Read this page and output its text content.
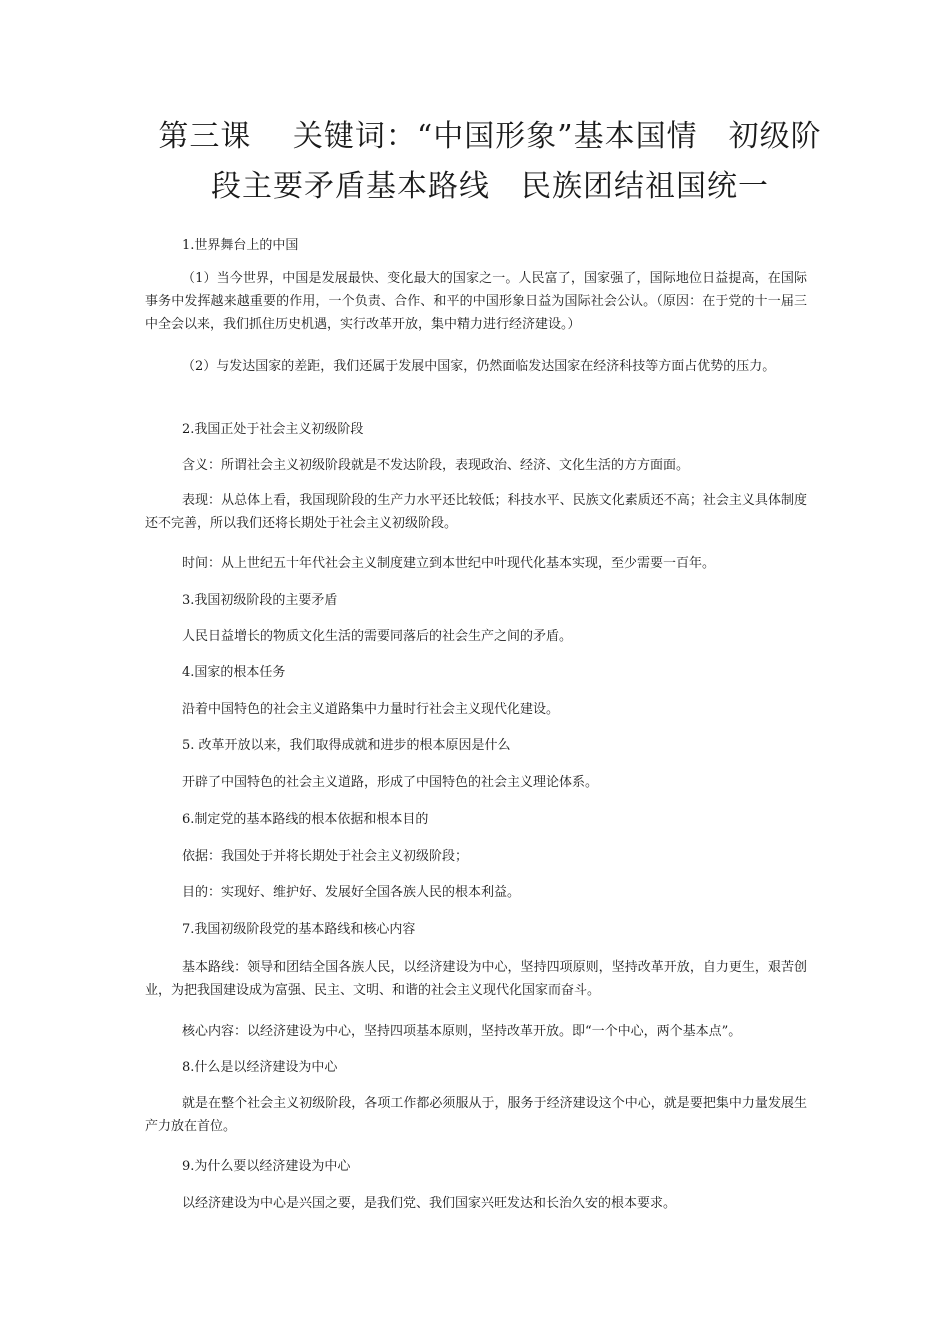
第三课　 关键词：“中国形象”基本国情　初级阶
段主要矛盾基本路线　民族团结祖国统一
1.世界舞台上的中国
（1）当今世界，中国是发展最快、变化最大的国家之一。人民富了，国家强了，国际地位日益提高，在国际事务中发挥越来越重要的作用，一个负责、合作、和平的中国形象日益为国际社会公认。（原因：在于党的十一届三中全会以来，我们抓住历史机遇，实行改革开放，集中精力进行经济建设。）
（2）与发达国家的差距，我们还属于发展中国家，仍然面临发达国家在经济科技等方面占优势的压力。
2.我国正处于社会主义初级阶段
含义：所谓社会主义初级阶段就是不发达阶段，表现政治、经济、文化生活的方方面面。
表现：从总体上看，我国现阶段的生产力水平还比较低；科技水平、民族文化素质还不高；社会主义具体制度还不完善，所以我们还将长期处于社会主义初级阶段。
时间：从上世纪五十年代社会主义制度建立到本世纪中叶现代化基本实现，至少需要一百年。
3.我国初级阶段的主要矛盾
人民日益增长的物质文化生活的需要同落后的社会生产之间的矛盾。
4.国家的根本任务
沿着中国特色的社会主义道路集中力量时行社会主义现代化建设。
5. 改革开放以来，我们取得成就和进步的根本原因是什么
开辟了中国特色的社会主义道路，形成了中国特色的社会主义理论体系。
6.制定党的基本路线的根本依据和根本目的
依据：我国处于并将长期处于社会主义初级阶段；
目的：实现好、维护好、发展好全国各族人民的根本利益。
7.我国初级阶段党的基本路线和核心内容
基本路线：领导和团结全国各族人民，以经济建设为中心，坚持四项原则，坚持改革开放，自力更生，艰苦创业，为把我国建设成为富强、民主、文明、和谐的社会主义现代化国家而奋斗。
核心内容：以经济建设为中心，坚持四项基本原则，坚持改革开放。即“一个中心，两个基本点”。
8.什么是以经济建设为中心
就是在整个社会主义初级阶段，各项工作都必须服从于，服务于经济建设这个中心，就是要把集中力量发展生产力放在首位。
9.为什么要以经济建设为中心
以经济建设为中心是兴国之要，是我们党、我们国家兴旺发达和长治久安的根本要求。
